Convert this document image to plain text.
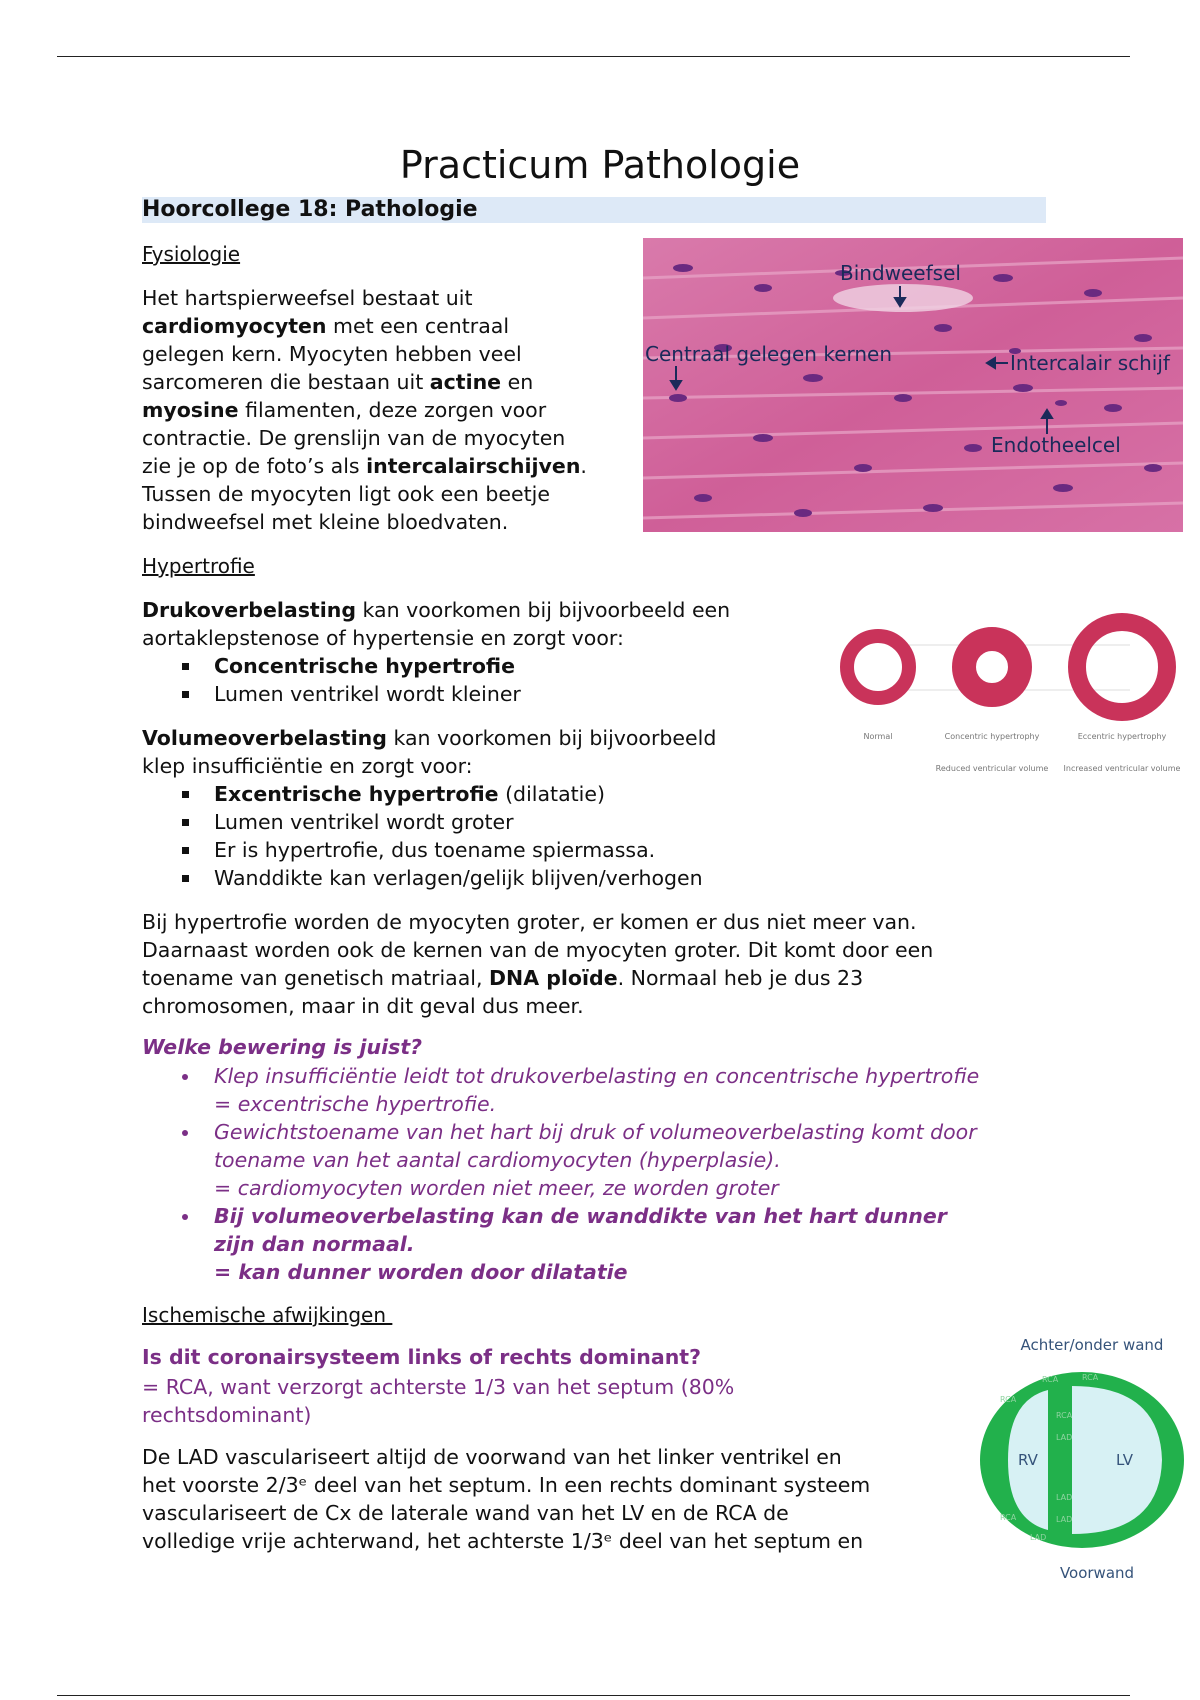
Practicum Pathologie
Hoorcollege 18: Pathologie
Fysiologie

Het hartspierweefsel bestaat uit

cardiomyocyten met een centraal

gelegen kern. Myocyten hebben veel

sarcomeren die bestaan uit actine en

myosine filamenten, deze zorgen voor

contractie. De grenslijn van de myocyten

zie je op de foto’s als intercalairschijven.

Tussen de myocyten ligt ook een beetje

bindweefsel met kleine bloedvaten.

Bindweefsel
Centraal gelegen kernen	Intercalair schijf
Endotheelcel
Hypertrofie

Drukoverbelasting kan voorkomen bij bijvoorbeeld een

aortaklepstenose of hypertensie en zorgt voor:

Concentrische hypertrofie
Lumen ventrikel wordt kleiner

Volumeoverbelasting kan voorkomen bij bijvoorbeeld

klep insufficiëntie en zorgt voor:

Excentrische hypertrofie (dilatatie)
Lumen ventrikel wordt groter
Er is hypertrofie, dus toename spiermassa.
Wanddikte kan verlagen/gelijk blijven/verhogen
Normal	Concentric hypertrophy	Eccentric hypertrophy
Reduced ventricular volume Increased ventricular volume

Bij hypertrofie worden de myocyten groter, er komen er dus niet meer van.

Daarnaast worden ook de kernen van de myocyten groter. Dit komt door een

toename van genetisch matriaal, DNA ploïde. Normaal heb je dus 23

chromosomen, maar in dit geval dus meer.

Welke bewering is juist?
Klep insufficiëntie leidt tot drukoverbelasting en concentrische hypertrofie
= excentrische hypertrofie.
Gewichtstoename van het hart bij druk of volumeoverbelasting komt door
toename van het aantal cardiomyocyten (hyperplasie).
= cardiomyocyten worden niet meer, ze worden groter
Bij volumeoverbelasting kan de wanddikte van het hart dunner
zijn dan normaal.
= kan dunner worden door dilatatie
Ischemische afwijkingen
Is dit coronairsysteem links of rechts dominant?

= RCA, want verzorgt achterste 1/3 van het septum (80%

rechtsdominant)

De LAD vasculariseert altijd de voorwand van het linker ventrikel en

het voorste 2/3ᵉ deel van het septum. In een rechts dominant systeem

vasculariseert de Cx de laterale wand van het LV en de RCA de

volledige vrije achterwand, het achterste 1/3ᵉ deel van het septum en

Achter/onder wand
RV	LV
RCA	RCA
RCA
RCA
LAD
LAD
LAD
LAD
RCA
Voorwand
